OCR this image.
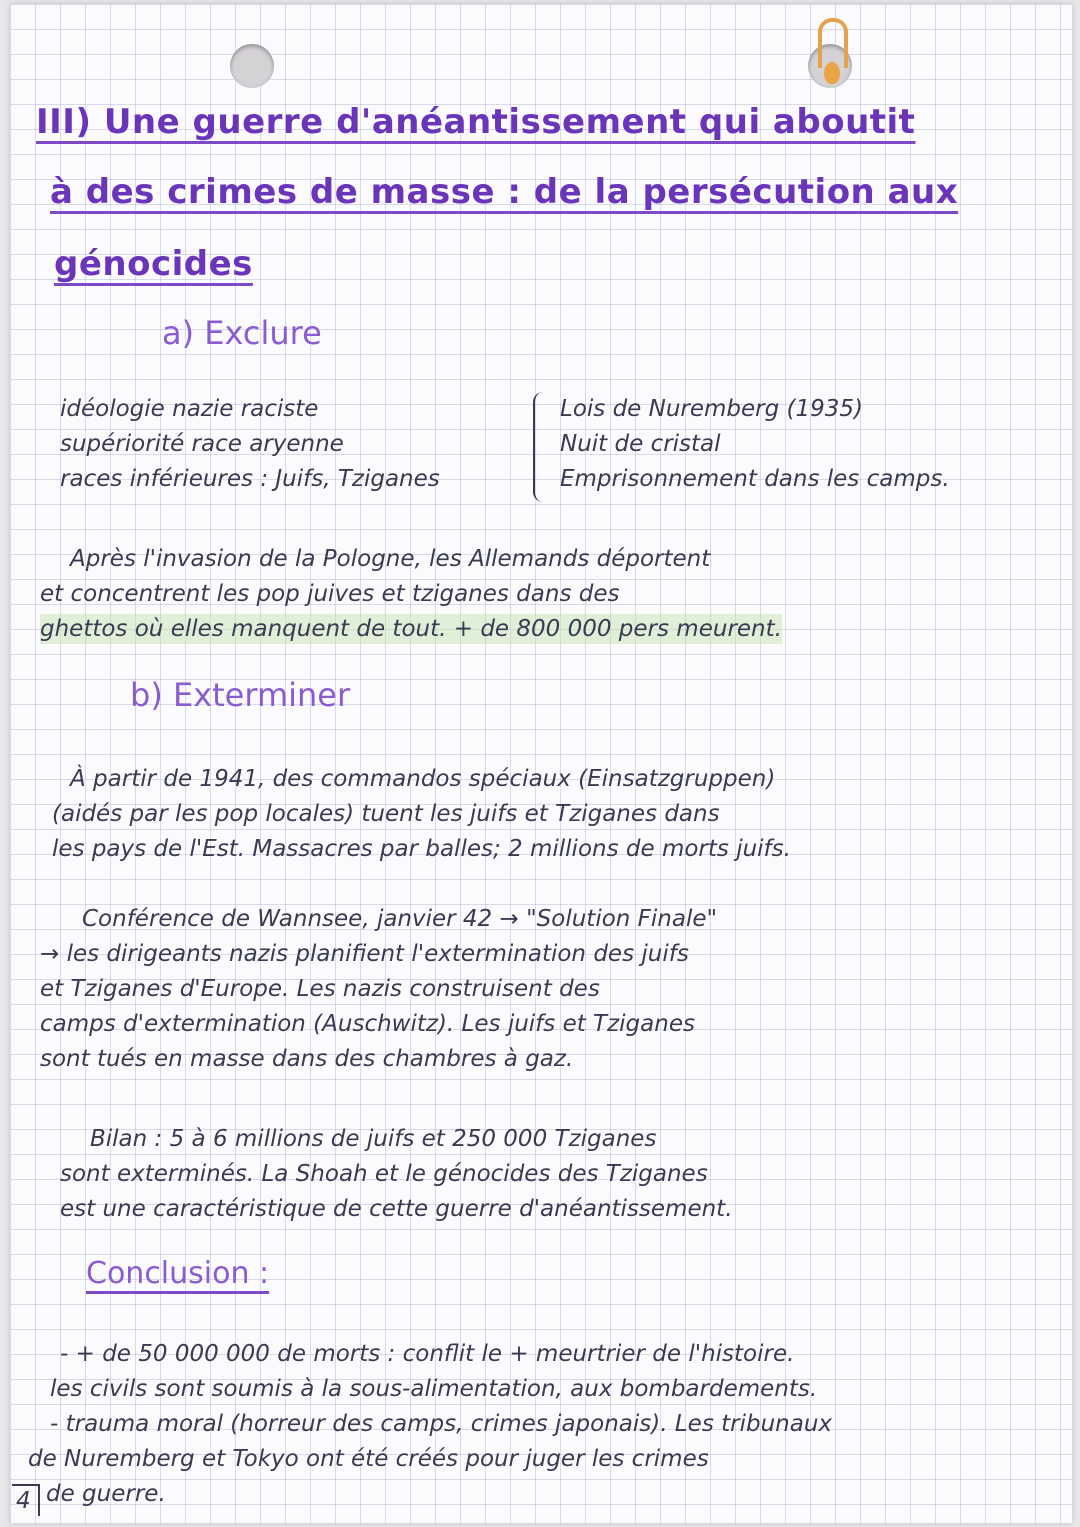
III) Une guerre d'anéantissement qui aboutit

à des crimes de masse : de la persécution aux

génocides

a) Exclure

idéologie nazie raciste

supériorité race aryenne

races inférieures : Juifs, Tziganes

Lois de Nuremberg (1935)

Nuit de cristal

Emprisonnement dans les camps.

Après l'invasion de la Pologne, les Allemands déportent

et concentrent les pop juives et tziganes dans des

ghettos où elles manquent de tout. + de 800 000 pers meurent.

b) Exterminer

À partir de 1941, des commandos spéciaux (Einsatzgruppen)

(aidés par les pop locales) tuent les juifs et Tziganes dans

les pays de l'Est. Massacres par balles; 2 millions de morts juifs.

Conférence de Wannsee, janvier 42 → "Solution Finale"

→ les dirigeants nazis planifient l'extermination des juifs

et Tziganes d'Europe. Les nazis construisent des

camps d'extermination (Auschwitz). Les juifs et Tziganes

sont tués en masse dans des chambres à gaz.

Bilan : 5 à 6 millions de juifs et 250 000 Tziganes

sont exterminés. La Shoah et le génocides des Tziganes

est une caractéristique de cette guerre d'anéantissement.

Conclusion :

- + de 50 000 000 de morts : conflit le + meurtrier de l'histoire.

les civils sont soumis à la sous-alimentation, aux bombardements.

- trauma moral (horreur des camps, crimes japonais). Les tribunaux

de Nuremberg et Tokyo ont été créés pour juger les crimes

de guerre.

4
